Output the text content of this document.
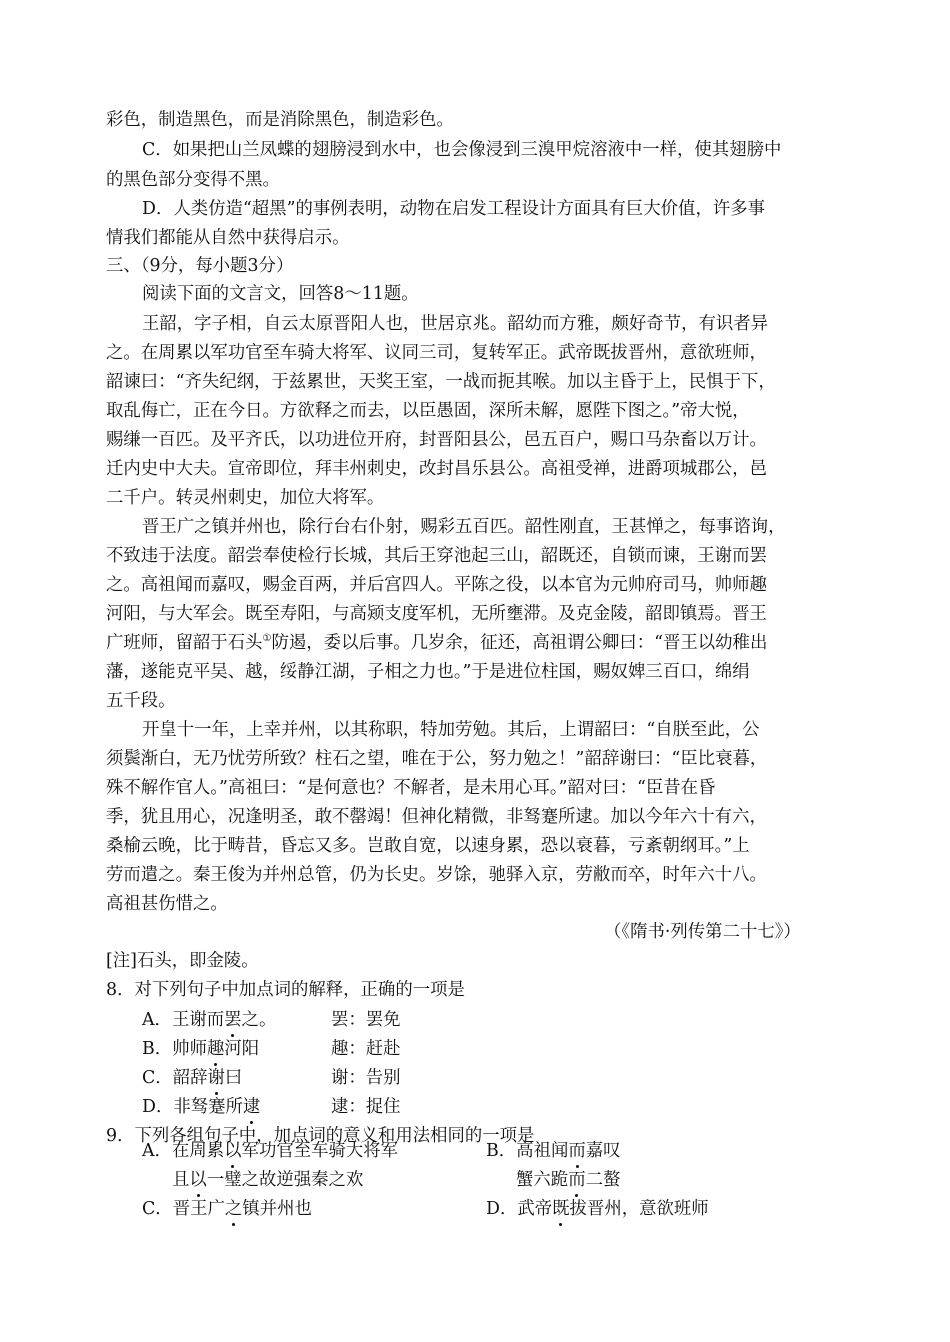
彩色，制造黑色，而是消除黑色，制造彩色。
C．如果把山兰凤蝶的翅膀浸到水中，也会像浸到三溴甲烷溶液中一样，使其翅膀中
的黑色部分变得不黑。
D．人类仿造“超黑”的事例表明，动物在启发工程设计方面具有巨大价值，许多事
情我们都能从自然中获得启示。
三、（9分，每小题3分）
阅读下面的文言文，回答8～11题。
王韶，字子相，自云太原晋阳人也，世居京兆。韶幼而方雅，颇好奇节，有识者异
之。在周累以军功官至车骑大将军、议同三司，复转军正。武帝既拔晋州，意欲班师，
韶谏曰：“齐失纪纲，于兹累世，天奖王室，一战而扼其喉。加以主昏于上，民惧于下，
取乱侮亡，正在今日。方欲释之而去，以臣愚固，深所未解，愿陛下图之。”帝大悦，
赐缣一百匹。及平齐氏，以功进位开府，封晋阳县公，邑五百户，赐口马杂畜以万计。
迁内史中大夫。宣帝即位，拜丰州刺史，改封昌乐县公。高祖受禅，进爵项城郡公，邑
二千户。转灵州刺史，加位大将军。
晋王广之镇并州也，除行台右仆射，赐彩五百匹。韶性刚直，王甚惮之，每事谘询，
不致违于法度。韶尝奉使检行长城，其后王穿池起三山，韶既还，自锁而谏，王谢而罢
之。高祖闻而嘉叹，赐金百两，并后宫四人。平陈之役，以本官为元帅府司马，帅师趣
河阳，与大军会。既至寿阳，与高颎支度军机，无所壅滞。及克金陵，韶即镇焉。晋王
广班师，留韶于石头①防遏，委以后事。几岁余，征还，高祖谓公卿曰：“晋王以幼稚出
藩，遂能克平吴、越，绥静江湖，子相之力也。”于是进位柱国，赐奴婢三百口，绵绢
五千段。
开皇十一年，上幸并州，以其称职，特加劳勉。其后，上谓韶曰：“自朕至此，公
须鬓渐白，无乃忧劳所致？柱石之望，唯在于公，努力勉之！”韶辞谢曰：“臣比衰暮，
殊不解作官人。”高祖曰：“是何意也？不解者，是未用心耳。”韶对曰：“臣昔在昏
季，犹且用心，况逢明圣，敢不罄竭！但神化精微，非驽蹇所逮。加以今年六十有六，
桑榆云晚，比于畴昔，昏忘又多。岂敢自宽，以速身累，恐以衰暮，亏紊朝纲耳。”上
劳而遣之。秦王俊为并州总管，仍为长史。岁馀，驰驿入京，劳敝而卒，时年六十八。
高祖甚伤惜之。
（《隋书·列传第二十七》）
[注]石头，即金陵。
8．对下列句子中加点词的解释，正确的一项是
A．王谢而罢之。	罢：罢免
B．帅师趣河阳	趣：赶赴
C．韶辞谢曰	谢：告别
D．非驽蹇所逮	逮：捉住
9．下列各组句子中，加点词的意义和用法相同的一项是
A．在周累以军功官至车骑大将军
且以一璧之故逆强秦之欢
B．高祖闻而嘉叹
蟹六跪而二螯
C．晋王广之镇并州也	D．武帝既拔晋州，意欲班师
